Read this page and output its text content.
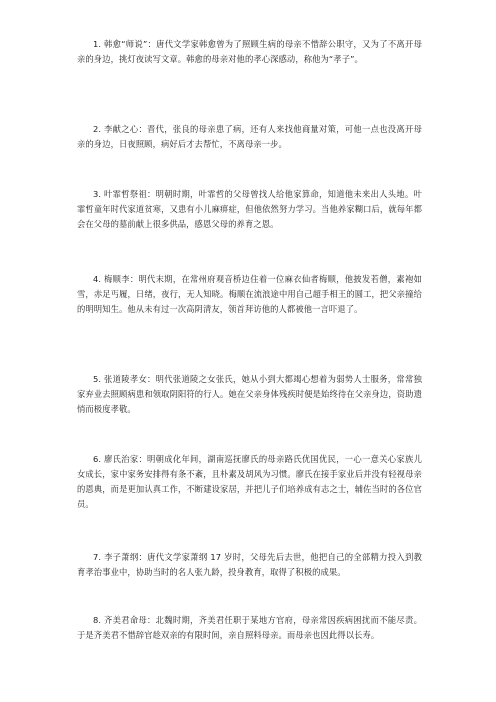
1. 韩愈“师说”：唐代文学家韩愈曾为了照顾生病的母亲不惜辞公职守，又为了不离开母亲的身边，挑灯夜读写文章。韩愈的母亲对他的孝心深感动，称他为“孝子”。

2. 李献之心：晋代，张良的母亲患了病，还有人来找他商量对策，可他一点也没离开母亲的身边，日夜照顾，病好后才去帮忙，不离母亲一步。

3. 叶霏哲祭祖：明朝时期，叶霏哲的父母曾找人给他家算命，知道他未来出人头地。叶霏哲童年时代家道贫寒，又患有小儿麻痹症，但他依然努力学习。当他养家糊口后，就每年都会在父母的墓前献上很多供品，感恩父母的养育之恩。

4. 梅顺李：明代末期，在常州府观音桥边住着一位麻衣仙者梅顺，他披发若僧，素袍如雪，赤足丐履，日绪，夜行，无人知晓。梅顺在流浪途中用自己超手相王的圆工，把父亲撞给的明明知生。他从未有过一次高阴清友，领首拜访他的人都被他一言吓退了。

5. 张道陵孝女：明代张道陵之女张氏，她从小到大都竭心想着为弱势人士服务，常常独家弃业去照顾病患和领取阴阳符的行人。她在父亲身体残疾时便是始终待在父亲身边，资助遗悄而极度孝敬。

6. 廖氏治家：明朝成化年间，湖南巡抚廖氏的母亲路氏优国优民，一心一意关心家族儿女成长，家中家务安排得有条不紊，且朴素及胡风为习惯。廖氏在接手家业后并没有轻视母亲的恩典，而是更加认真工作，不断建设家居，并把儿子们培养成有志之士，辅佐当时的各位官员。

7. 李子萧纲：唐代文学家萧纲 17 岁时，父母先后去世，他把自己的全部精力投入到教育孝治事业中，协助当时的名人张九龄，投身教育，取得了积极的成果。

8. 齐美君命母：北魏时期，齐美君任职于某地方官府，母亲常因疾病困扰而不能尽责。于是齐美君不惜辞官趁双亲的有限时间，亲自照料母亲。而母亲也因此得以长寿。
